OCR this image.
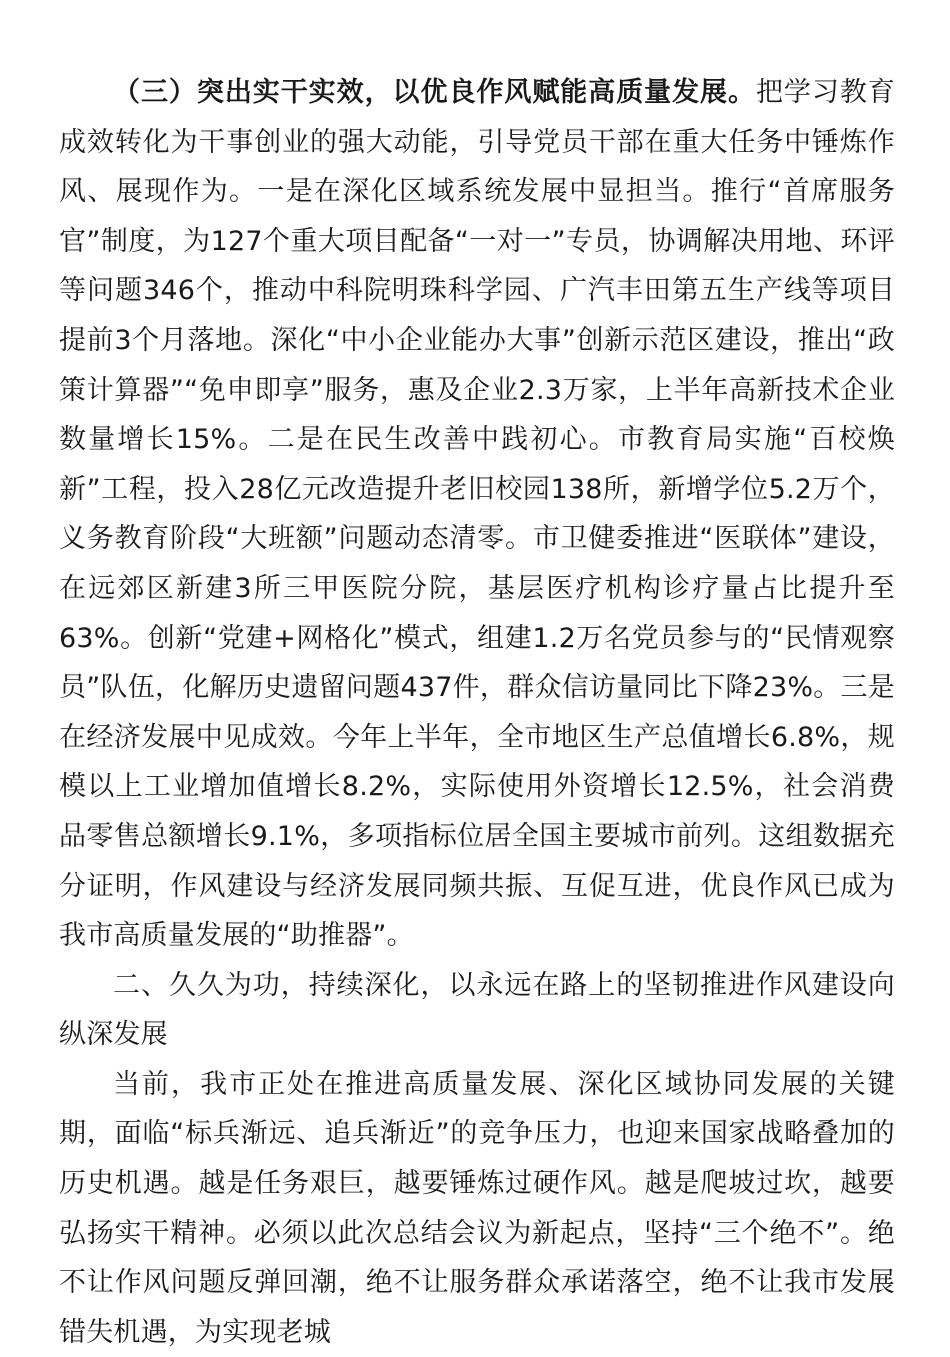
（三）突出实干实效，以优良作风赋能高质量发展。把学习教育成效转化为干事创业的强大动能，引导党员干部在重大任务中锤炼作风、展现作为。一是在深化区域系统发展中显担当。推行“首席服务官”制度，为127个重大项目配备“一对一”专员，协调解决用地、环评等问题346个，推动中科院明珠科学园、广汽丰田第五生产线等项目提前3个月落地。深化“中小企业能办大事”创新示范区建设，推出“政策计算器”“免申即享”服务，惠及企业2.3万家，上半年高新技术企业数量增长15%。二是在民生改善中践初心。市教育局实施“百校焕新”工程，投入28亿元改造提升老旧校园138所，新增学位5.2万个，义务教育阶段“大班额”问题动态清零。市卫健委推进“医联体”建设，在远郊区新建3所三甲医院分院，基层医疗机构诊疗量占比提升至63%。创新“党建+网格化”模式，组建1.2万名党员参与的“民情观察员”队伍，化解历史遗留问题437件，群众信访量同比下降23%。三是在经济发展中见成效。今年上半年，全市地区生产总值增长6.8%，规模以上工业增加值增长8.2%，实际使用外资增长12.5%，社会消费品零售总额增长9.1%，多项指标位居全国主要城市前列。这组数据充分证明，作风建设与经济发展同频共振、互促互进，优良作风已成为我市高质量发展的“助推器”。

二、久久为功，持续深化，以永远在路上的坚韧推进作风建设向纵深发展

当前，我市正处在推进高质量发展、深化区域协同发展的关键期，面临“标兵渐远、追兵渐近”的竞争压力，也迎来国家战略叠加的历史机遇。越是任务艰巨，越要锤炼过硬作风。越是爬坡过坎，越要弘扬实干精神。必须以此次总结会议为新起点，坚持“三个绝不”。绝不让作风问题反弹回潮，绝不让服务群众承诺落空，绝不让我市发展错失机遇，为实现老城
